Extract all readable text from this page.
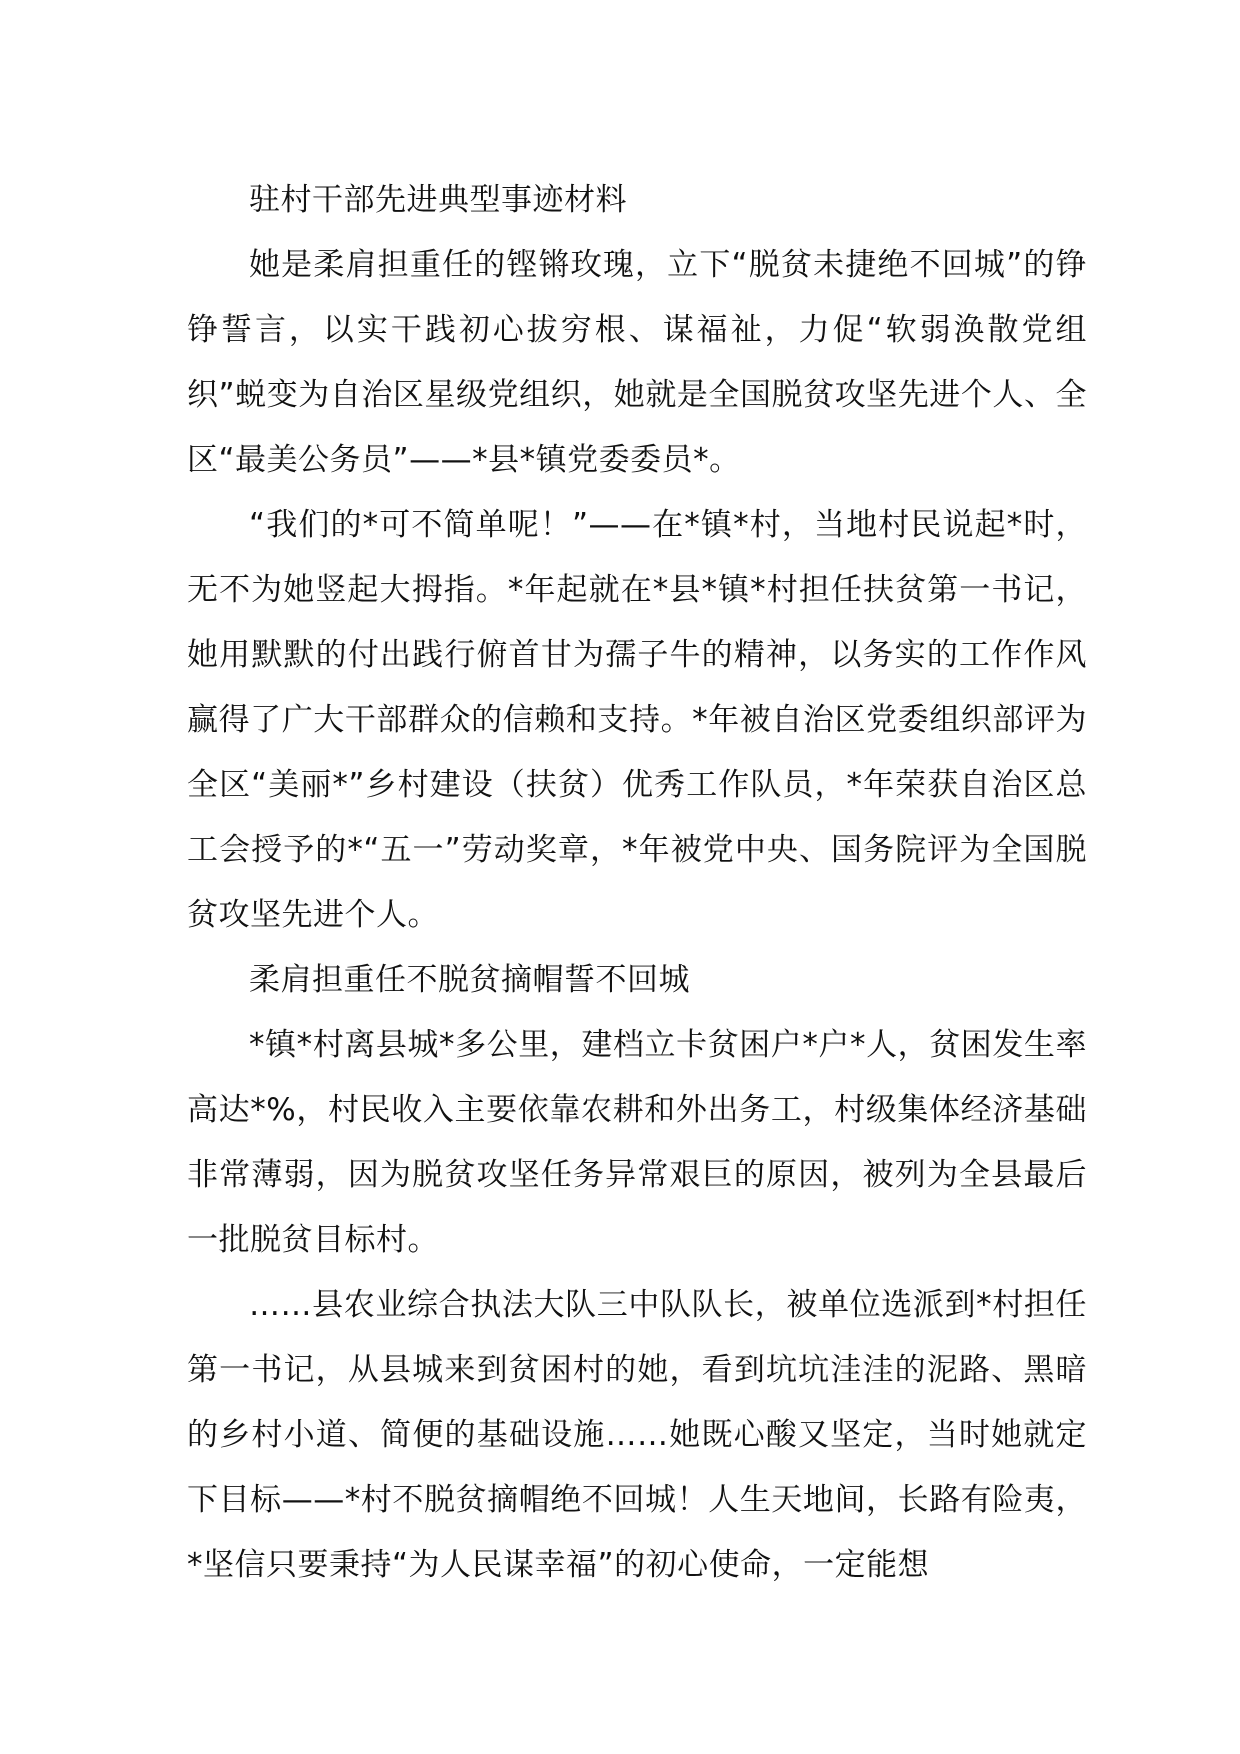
驻村干部先进典型事迹材料

她是柔肩担重任的铿锵玫瑰，立下“脱贫未捷绝不回城”的铮铮誓言，以实干践初心拔穷根、谋福祉，力促“软弱涣散党组织”蜕变为自治区星级党组织，她就是全国脱贫攻坚先进个人、全区“最美公务员”——*县*镇党委委员*。

“我们的*可不简单呢！”——在*镇*村，当地村民说起*时，无不为她竖起大拇指。*年起就在*县*镇*村担任扶贫第一书记，她用默默的付出践行俯首甘为孺子牛的精神，以务实的工作作风赢得了广大干部群众的信赖和支持。*年被自治区党委组织部评为全区“美丽*”乡村建设（扶贫）优秀工作队员，*年荣获自治区总工会授予的*“五一”劳动奖章，*年被党中央、国务院评为全国脱贫攻坚先进个人。

柔肩担重任不脱贫摘帽誓不回城

*镇*村离县城*多公里，建档立卡贫困户*户*人，贫困发生率高达*%，村民收入主要依靠农耕和外出务工，村级集体经济基础非常薄弱，因为脱贫攻坚任务异常艰巨的原因，被列为全县最后一批脱贫目标村。

……县农业综合执法大队三中队队长，被单位选派到*村担任第一书记，从县城来到贫困村的她，看到坑坑洼洼的泥路、黑暗的乡村小道、简便的基础设施……她既心酸又坚定，当时她就定下目标——*村不脱贫摘帽绝不回城！人生天地间，长路有险夷，*坚信只要秉持“为人民谋幸福”的初心使命，一定能想
